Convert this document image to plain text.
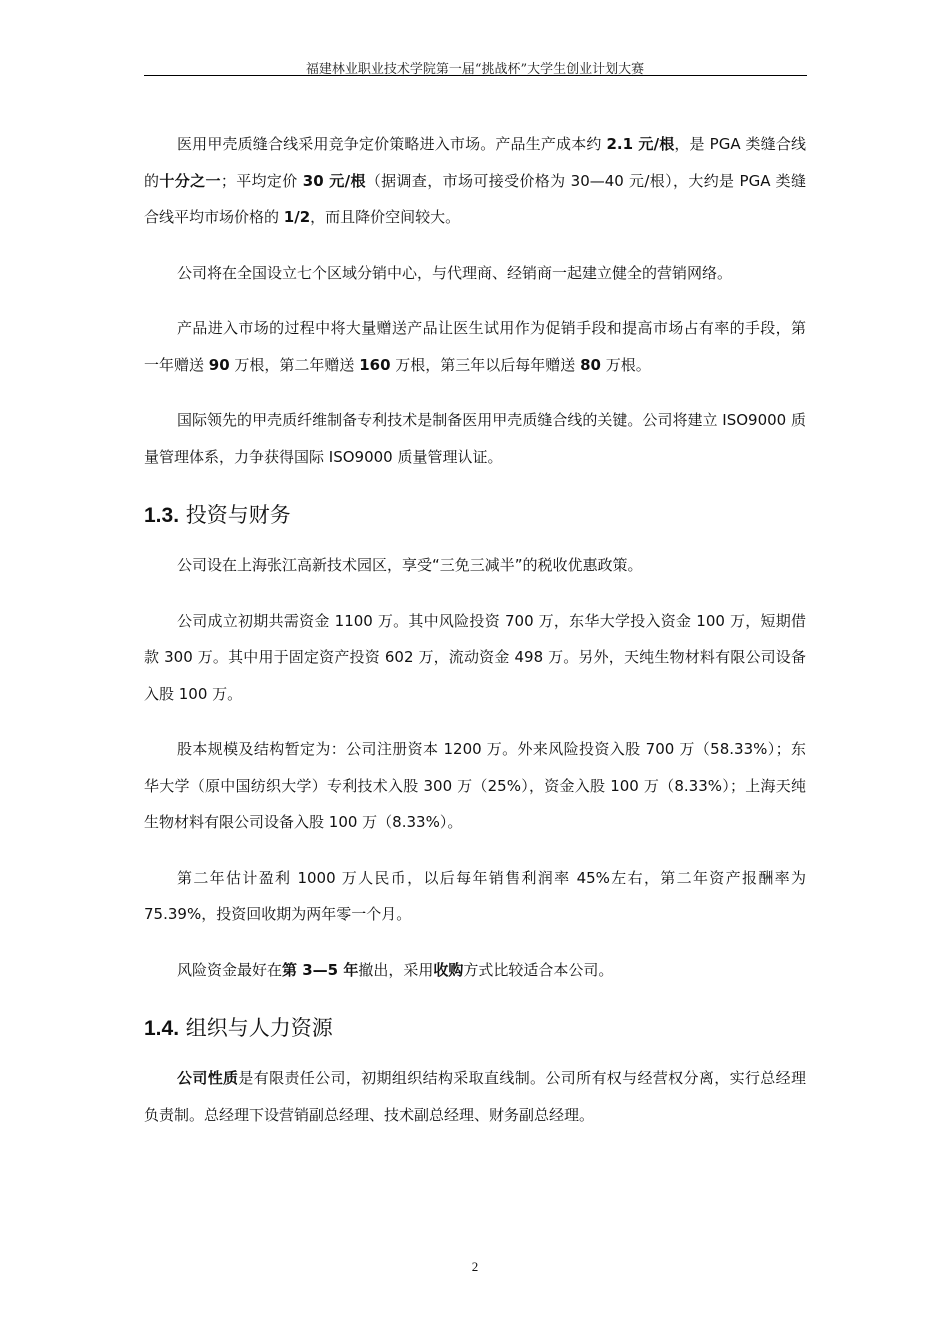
福建林业职业技术学院第一届“挑战杯”大学生创业计划大赛

医用甲壳质缝合线采用竞争定价策略进入市场。产品生产成本约 2.1 元/根，是 PGA 类缝合线的十分之一；平均定价 30 元/根（据调查，市场可接受价格为 30—40 元/根），大约是 PGA 类缝合线平均市场价格的 1/2，而且降价空间较大。

公司将在全国设立七个区域分销中心，与代理商、经销商一起建立健全的营销网络。

产品进入市场的过程中将大量赠送产品让医生试用作为促销手段和提高市场占有率的手段，第一年赠送 90 万根，第二年赠送 160 万根，第三年以后每年赠送 80 万根。

国际领先的甲壳质纤维制备专利技术是制备医用甲壳质缝合线的关键。公司将建立 ISO9000 质量管理体系，力争获得国际 ISO9000 质量管理认证。

1.3. 投资与财务

公司设在上海张江高新技术园区，享受“三免三减半”的税收优惠政策。

公司成立初期共需资金 1100 万。其中风险投资 700 万，东华大学投入资金 100 万，短期借款 300 万。其中用于固定资产投资 602 万，流动资金 498 万。另外，天纯生物材料有限公司设备入股 100 万。

股本规模及结构暂定为：公司注册资本 1200 万。外来风险投资入股 700 万（58.33%）；东华大学（原中国纺织大学）专利技术入股 300 万（25%），资金入股 100 万（8.33%）；上海天纯生物材料有限公司设备入股 100 万（8.33%）。

第二年估计盈利 1000 万人民币，以后每年销售利润率 45%左右，第二年资产报酬率为 75.39%，投资回收期为两年零一个月。

风险资金最好在第 3—5 年撤出，采用收购方式比较适合本公司。

1.4. 组织与人力资源

公司性质是有限责任公司，初期组织结构采取直线制。公司所有权与经营权分离，实行总经理负责制。总经理下设营销副总经理、技术副总经理、财务副总经理。

2
